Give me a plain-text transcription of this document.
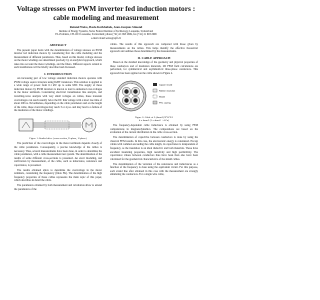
Voltage stresses on PWM inverter fed induction motors : cable modeling and measurement
Roland Weiss, Baslo Kerkhabek, Jean-Jacques Simond
Institute of Energy Systems, Swiss Federal Institute of Technology, Lausanne, Switzerland
EL-Ecublens, CH-1015 Lausanne, Switzerland; phone (+41) 21 693 2699, fax (+41) 21 693 2699
e-mail roland.weiss@epfl.ch
ABSTRACT
The present paper deals with the determination of voltage stresses on PWM inverter fed induction motors by considering first the cable modeling and the measurement of different parameters. Thus, based on this model, voltage stresses on the motor windings are determined precisely by an analytical approach, which takes into account the motor windings, and the filters. Different aspects related to such installations will be briefly described and discussed.
I. INTRODUCTION
An increasing part of low voltage standard induction motors operates with PWM voltage source inverters using IGBT transistors. This solution is applied to a wide range of power from 0.1 kW up to some MW. The supply of these induction motors by PWM inverters is known to lead to undesired over-voltages in the motor terminals. Considering electrical transmission line analysis, and travelling-wave analysis with very small voltages on cables, these transient overvoltages can reach usually twice the DC link voltage with a short rise time of about 200 ns. Nevertheless, depending on the cable parameters and on the length of the cable, these overvoltages may reach 3 or 4 p.u. and may lead to a failure of the insulation of the motor windings.
Figure 1: Studied drive (cross-section, U-phase, V-phase)
The prediction of the overvoltages in the motor terminals depends closely of the cable parameters. Consequently, a precise knowledge of the cables is necessary. Thus, several measurements have been done, in order to determine the cable parameters, with a cable measurement test system. The determination of the results of some different cross-sections is presented. An exact modeling, and verification by measurement, of the cable, such as inductance, resistance and capacitance, is presented.
The results obtained allow to determine the overvoltage in the motor terminals, considering the frequency (fmax Hz). The determination of the high frequency properties of these cables represents the main topic of this paper, which describes in detail the cable.
The parameters obtained by both measurement and calculation allow to extend the parameters of the
cables. The results of this approach are compared with those given by measurements on the cables. This helps identify the effective theoretical approach and outlines those determined by the measurements.
II. CABLE APPROACH
Based on the detailed knowledge of the geometry and physical properties of these conductors and of insulation materials, 2D FEM field calculations are performed, for symmetrical and asymmetrical three-phase conductors. This approach has been applied on the cable shown in Figure 2.
Copper strand
Rubber insulation
Shield
PVC coating
Figure 2: Cable of 3 (4mm2) NYCY-J
4 x 4mm2 (3 x 4mm2 + 4 Cu)
The frequency-dependent cable inductance is obtained by using FEM computations in magnetodynamics. The computations are based on the evaluation of the current distribution in the cable cross-section.
The determination of capacitive between conductors is done by using the classical FEM results. In this case, the electrostatic energy is considered. Except cables with common exceeding the cable length, its capacitance is independent of frequency, as the insulation is an ideal dielectric and both materials. These have excellent insulating properties, high resistivity and high permittivity. The capacitance values between conductors thus have been then also have been calculated for the geometrical characteristics of the shield cables.
The determination of the variation of the resistances and inductances as a function of the frequency is done using the equivalent circuit. For this purpose, each strand line after obtained in this case with the measurement are strongly simulating the conductors. For a single wire cable,
